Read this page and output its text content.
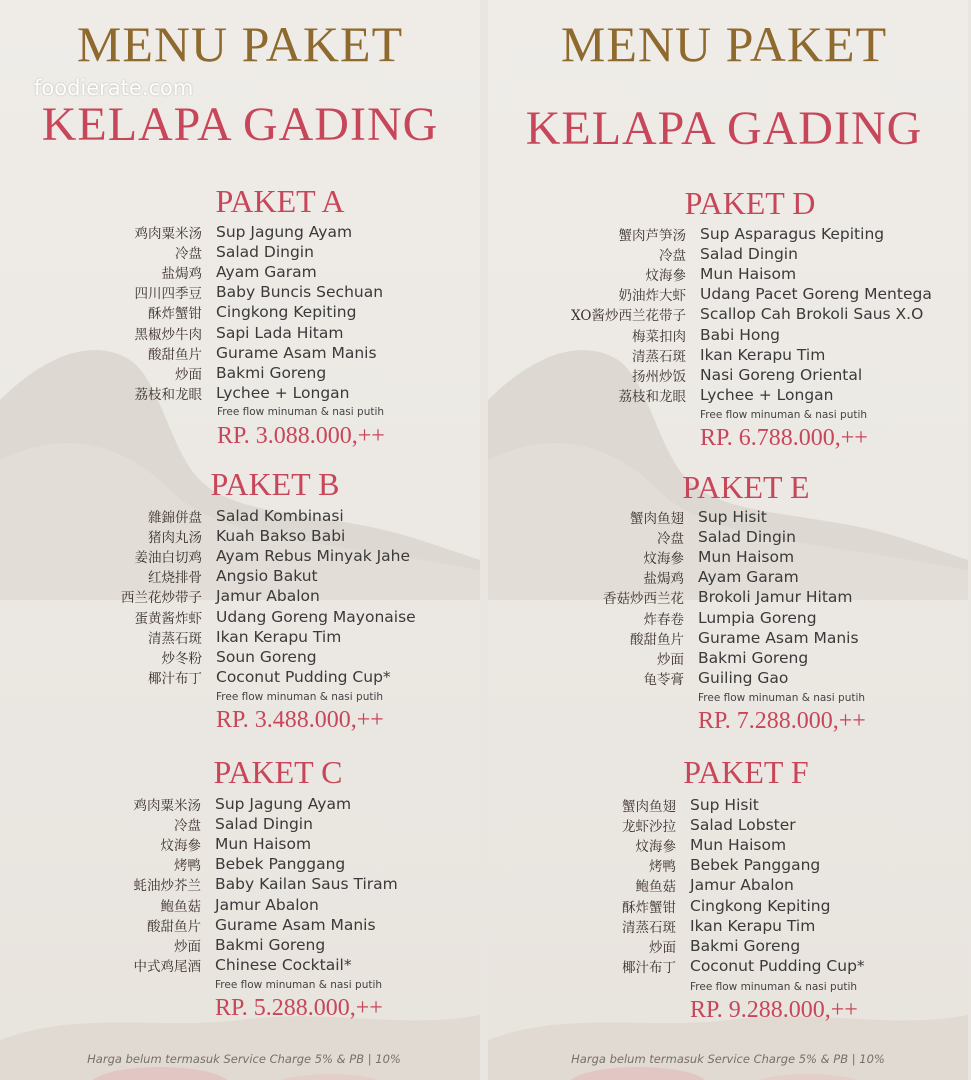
MENU PAKET
KELAPA GADING
foodierate.com
PAKET A
鸡肉粟米汤 Sup Jagung Ayam
冷盘 Salad Dingin
盐焗鸡 Ayam Garam
四川四季豆 Baby Buncis Sechuan
酥炸蟹钳 Cingkong Kepiting
黑椒炒牛肉 Sapi Lada Hitam
酸甜鱼片 Gurame Asam Manis
炒面 Bakmi Goreng
荔枝和龙眼 Lychee + Longan
Free flow minuman & nasi putih
RP. 3.088.000,++
PAKET B
雜錦併盘 Salad Kombinasi
猪肉丸汤 Kuah Bakso Babi
姜油白切鸡 Ayam Rebus Minyak Jahe
红烧排骨 Angsio Bakut
西兰花炒带子 Jamur Abalon
蛋黄酱炸虾 Udang Goreng Mayonaise
清蒸石斑 Ikan Kerapu Tim
炒冬粉 Soun Goreng
椰汁布丁 Coconut Pudding Cup*
Free flow minuman & nasi putih
RP. 3.488.000,++
PAKET C
鸡肉粟米汤 Sup Jagung Ayam
冷盘 Salad Dingin
炆海參 Mun Haisom
烤鸭 Bebek Panggang
蚝油炒芥兰 Baby Kailan Saus Tiram
鲍鱼菇 Jamur Abalon
酸甜鱼片 Gurame Asam Manis
炒面 Bakmi Goreng
中式鸡尾酒 Chinese Cocktail*
Free flow minuman & nasi putih
RP. 5.288.000,++
Harga belum termasuk Service Charge 5% & PB | 10%
MENU PAKET
KELAPA GADING
PAKET D
蟹肉芦笋汤 Sup Asparagus Kepiting
冷盘 Salad Dingin
炆海參 Mun Haisom
奶油炸大虾 Udang Pacet Goreng Mentega
XO酱炒西兰花带子 Scallop Cah Brokoli Saus X.O
梅菜扣肉 Babi Hong
清蒸石斑 Ikan Kerapu Tim
扬州炒饭 Nasi Goreng Oriental
荔枝和龙眼 Lychee + Longan
Free flow minuman & nasi putih
RP. 6.788.000,++
PAKET E
蟹肉鱼翅 Sup Hisit
冷盘 Salad Dingin
炆海參 Mun Haisom
盐焗鸡 Ayam Garam
香菇炒西兰花 Brokoli Jamur Hitam
炸春卷 Lumpia Goreng
酸甜鱼片 Gurame Asam Manis
炒面 Bakmi Goreng
龟苓膏 Guiling Gao
Free flow minuman & nasi putih
RP. 7.288.000,++
PAKET F
蟹肉鱼翅 Sup Hisit
龙虾沙拉 Salad Lobster
炆海參 Mun Haisom
烤鸭 Bebek Panggang
鲍鱼菇 Jamur Abalon
酥炸蟹钳 Cingkong Kepiting
清蒸石斑 Ikan Kerapu Tim
炒面 Bakmi Goreng
椰汁布丁 Coconut Pudding Cup*
Free flow minuman & nasi putih
RP. 9.288.000,++
Harga belum termasuk Service Charge 5% & PB | 10%
